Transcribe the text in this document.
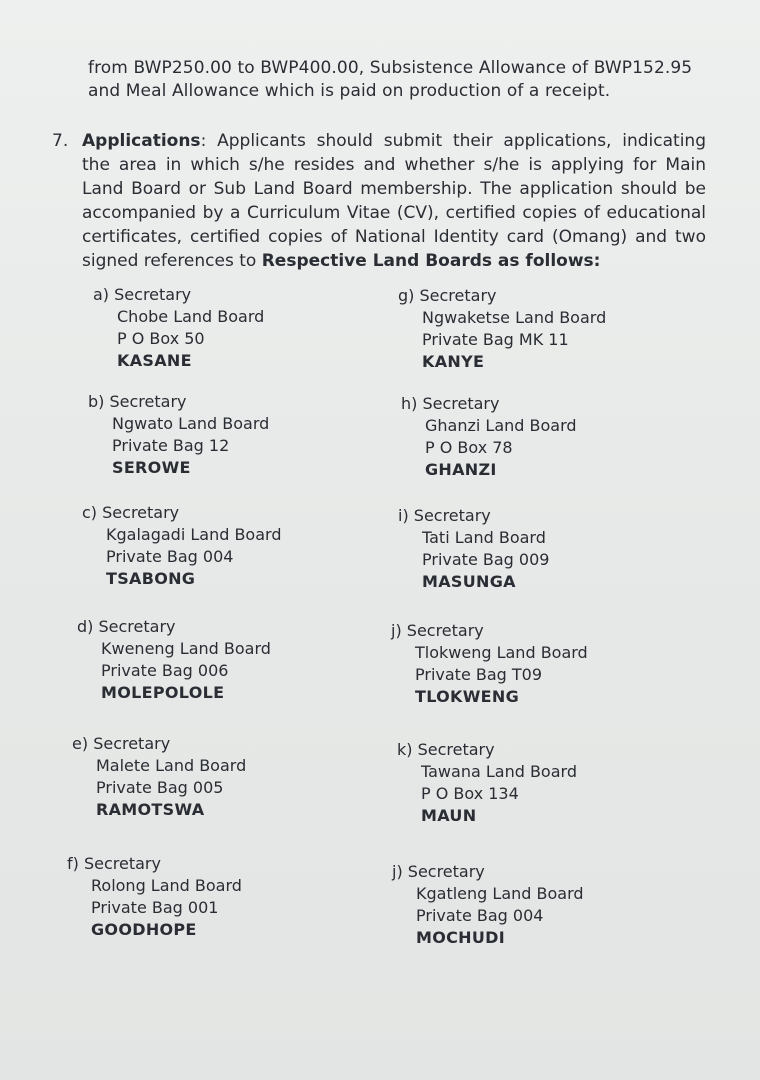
from BWP250.00 to BWP400.00, Subsistence Allowance of BWP152.95 and Meal Allowance which is paid on production of a receipt.
7. Applications: Applicants should submit their applications, indicating the area in which s/he resides and whether s/he is applying for Main Land Board or Sub Land Board membership. The application should be accompanied by a Curriculum Vitae (CV), certified copies of educational certificates, certified copies of National Identity card (Omang) and two signed references to Respective Land Boards as follows:
a)
Secretary
Chobe Land Board
P O Box 50
KASANE
b)
Secretary
Ngwato Land Board
Private Bag 12
SEROWE
c)
Secretary
Kgalagadi Land Board
Private Bag 004
TSABONG
d)
Secretary
Kweneng Land Board
Private Bag 006
MOLEPOLOLE
e)
Secretary
Malete Land Board
Private Bag 005
RAMOTSWA
f)
Secretary
Rolong Land Board
Private Bag 001
GOODHOPE
g)
Secretary
Ngwaketse Land Board
Private Bag MK 11
KANYE
h)
Secretary
Ghanzi Land Board
P O Box 78
GHANZI
i)
Secretary
Tati Land Board
Private Bag 009
MASUNGA
j)
Secretary
Tlokweng Land Board
Private Bag T09
TLOKWENG
k)
Secretary
Tawana Land Board
P O Box 134
MAUN
j)
Secretary
Kgatleng Land Board
Private Bag 004
MOCHUDI
